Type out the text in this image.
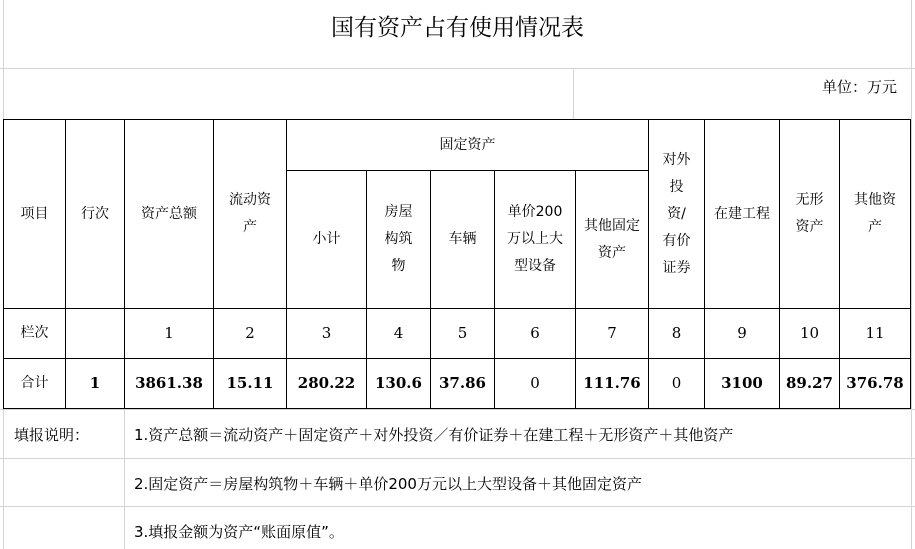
国有资产占有使用情况表
单位：万元
项目	行次	资产总额	流动资产	固定资产					对外投资/有价证券	在建工程	无形资产	其他资产
				小计	房屋构筑物	车辆	单价200万以上大型设备	其他固定资产				
栏次		1	2	3	4	5	6	7	8	9	10	11
合计	1	3861.38	15.11	280.22	130.6	37.86	0	111.76	0	3100	89.27	376.78
填报说明：	1.资产总额＝流动资产＋固定资产＋对外投资／有价证券＋在建工程＋无形资产＋其他资产
2.固定资产＝房屋构筑物＋车辆＋单价200万元以上大型设备＋其他固定资产
3.填报金额为资产“账面原值”。
